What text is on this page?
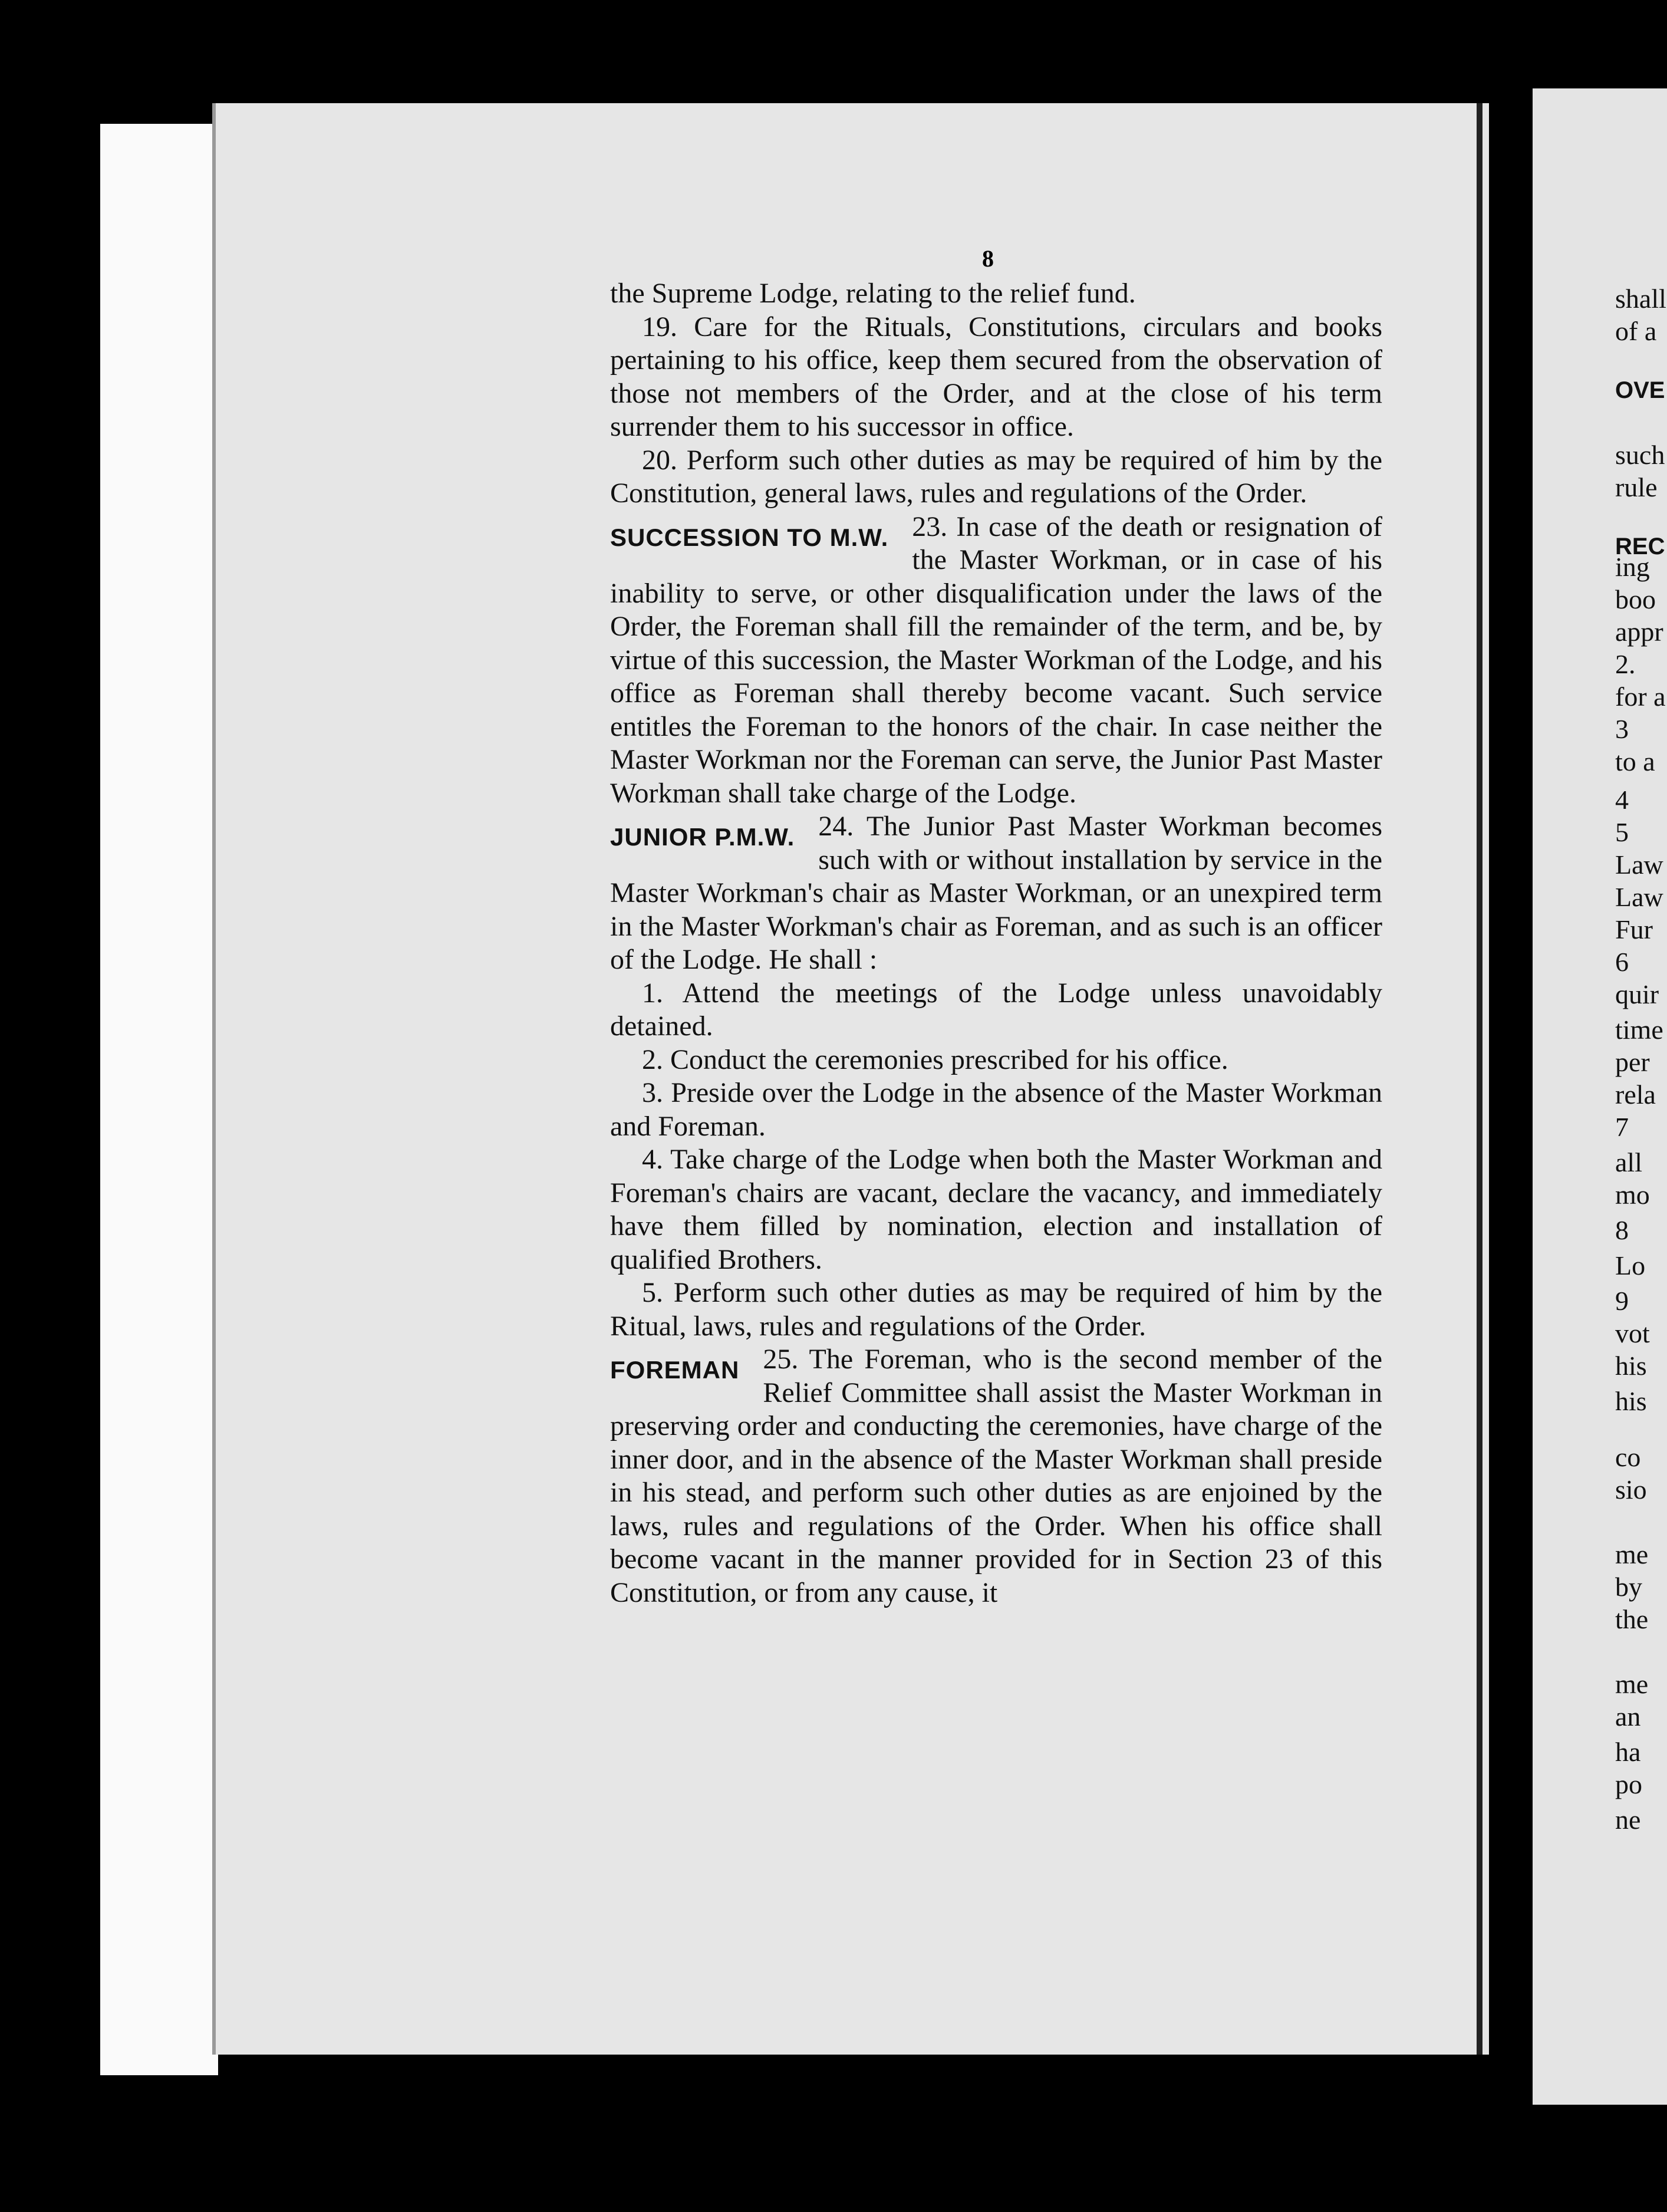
8

the Supreme Lodge, relating to the relief fund.

19. Care for the Rituals, Constitutions, circulars and books pertaining to his office, keep them secured from the observation of those not members of the Order, and at the close of his term surrender them to his successor in office.

20. Perform such other duties as may be required of him by the Constitution, general laws, rules and regulations of the Order.

SUCCESSION TO M.W. 23. In case of the death or resignation of the Master Workman, or in case of his inability to serve, or other disqualification under the laws of the Order, the Foreman shall fill the remainder of the term, and be, by virtue of this succession, the Master Workman of the Lodge, and his office as Foreman shall thereby become vacant. Such service entitles the Foreman to the honors of the chair. In case neither the Master Workman nor the Foreman can serve, the Junior Past Master Workman shall take charge of the Lodge.

JUNIOR P.M.W. 24. The Junior Past Master Workman becomes such with or without installation by service in the Master Workman's chair as Master Workman, or an unexpired term in the Master Workman's chair as Foreman, and as such is an officer of the Lodge. He shall :

1. Attend the meetings of the Lodge unless unavoidably detained.

2. Conduct the ceremonies prescribed for his office.

3. Preside over the Lodge in the absence of the Master Workman and Foreman.

4. Take charge of the Lodge when both the Master Workman and Foreman's chairs are vacant, declare the vacancy, and immediately have them filled by nomination, election and installation of qualified Brothers.

5. Perform such other duties as may be required of him by the Ritual, laws, rules and regulations of the Order.

FOREMAN 25. The Foreman, who is the second member of the Relief Committee shall assist the Master Workman in preserving order and conducting the ceremonies, have charge of the inner door, and in the absence of the Master Workman shall preside in his stead, and perform such other duties as are enjoined by the laws, rules and regulations of the Order. When his office shall become vacant in the manner provided for in Section 23 of this Constitution, or from any cause, it

shall
of a
OVE
such
rule
REC
ing
boo
appr
2.
for a
3
to a
4
5
Law
Law
Fur
6
quir
time
per
rela
7
all
mo
8
Lo
9
vot
his
his
co
sio
me
by
the
me
an
ha
po
ne
